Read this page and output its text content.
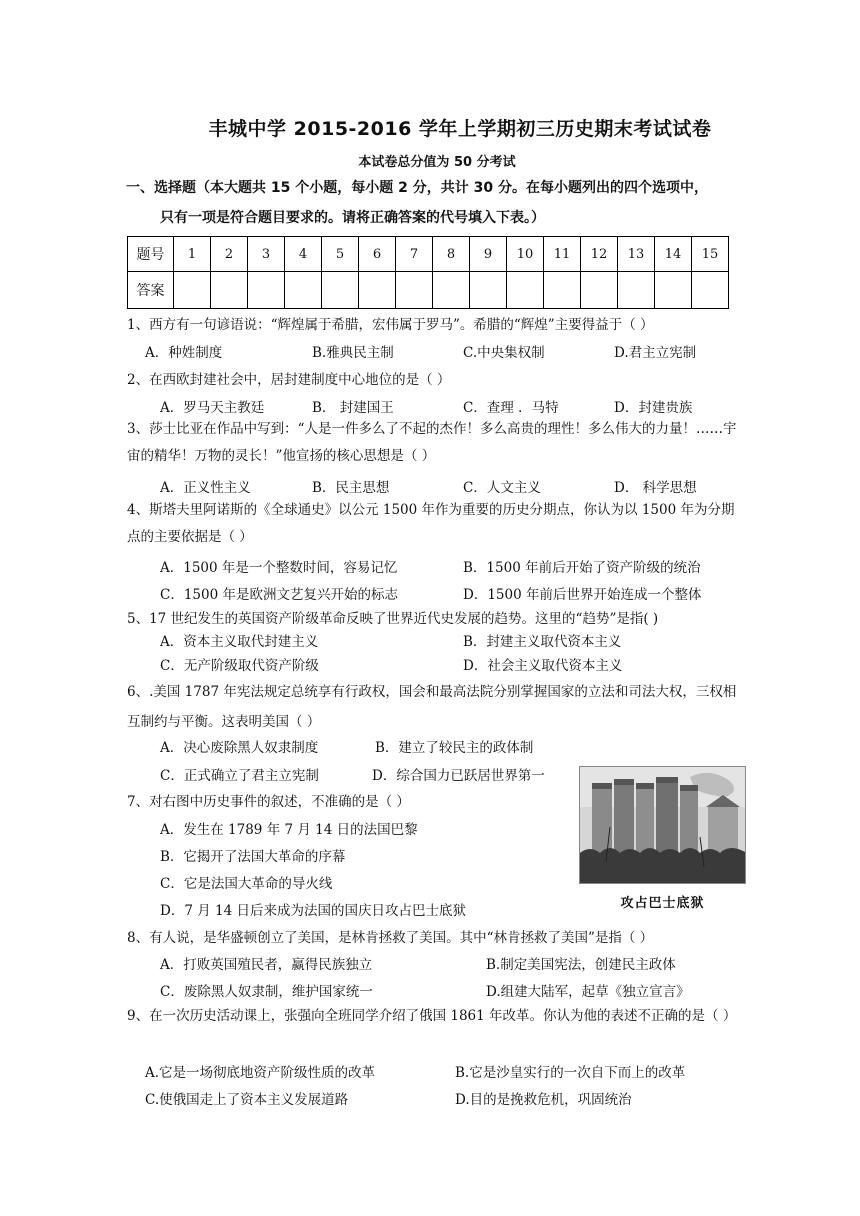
丰城中学 2015-2016 学年上学期初三历史期末考试试卷
本试卷总分值为 50 分考试
一、选择题（本大题共 15 个小题，每小题 2 分，共计 30 分。在每小题列出的四个选项中，
只有一项是符合题目要求的。请将正确答案的代号填入下表。）
题号	1	2	3	4	5	6	7	8	9	10	11	12	13	14	15
答案															
1、西方有一句谚语说：“辉煌属于希腊，宏伟属于罗马”。希腊的“辉煌”主要得益于（ ）
A．种姓制度	B.雅典民主制	C.中央集权制	D.君主立宪制
2、在西欧封建社会中，居封建制度中心地位的是（ ）
A．罗马天主教廷	B． 封建国王	C．查理 ．马特	D．封建贵族
3、莎士比亚在作品中写到：“人是一件多么了不起的杰作！多么高贵的理性！多么伟大的力量！……宇宙的精华！万物的灵长！”他宣扬的核心思想是（ ）
A．正义性主义	B．民主思想	C．人文主义	D． 科学思想
4、斯塔夫里阿诺斯的《全球通史》以公元 1500 年作为重要的历史分期点，你认为以 1500 年为分期点的主要依据是（ ）
A．1500 年是一个整数时间，容易记忆	B．1500 年前后开始了资产阶级的统治
C．1500 年是欧洲文艺复兴开始的标志	D．1500 年前后世界开始连成一个整体
5、17 世纪发生的英国资产阶级革命反映了世界近代史发展的趋势。这里的“趋势”是指( )
A．资本主义取代封建主义	B．封建主义取代资本主义
C．无产阶级取代资产阶级	D．社会主义取代资本主义
6、.美国 1787 年宪法规定总统享有行政权，国会和最高法院分别掌握国家的立法和司法大权，三权相互制约与平衡。这表明美国（ ）
A．决心废除黑人奴隶制度	B．建立了较民主的政体制
C．正式确立了君主立宪制	D．综合国力已跃居世界第一
7、对右图中历史事件的叙述，不准确的是（ ）
A．发生在 1789 年 7 月 14 日的法国巴黎
B．它揭开了法国大革命的序幕
C．它是法国大革命的导火线
D．7 月 14 日后来成为法国的国庆日攻占巴士底狱	攻占巴士底狱
8、有人说，是华盛顿创立了美国，是林肯拯救了美国。其中“林肯拯救了美国”是指（ ）
A．打败英国殖民者，赢得民族独立	B.制定美国宪法，创建民主政体
C．废除黑人奴隶制，维护国家统一	D.组建大陆军，起草《独立宣言》
9、在一次历史活动课上，张强向全班同学介绍了俄国 1861 年改革。你认为他的表述不正确的是（ ）
A.它是一场彻底地资产阶级性质的改革	B.它是沙皇实行的一次自下而上的改革
C.使俄国走上了资本主义发展道路	D.目的是挽救危机，巩固统治
